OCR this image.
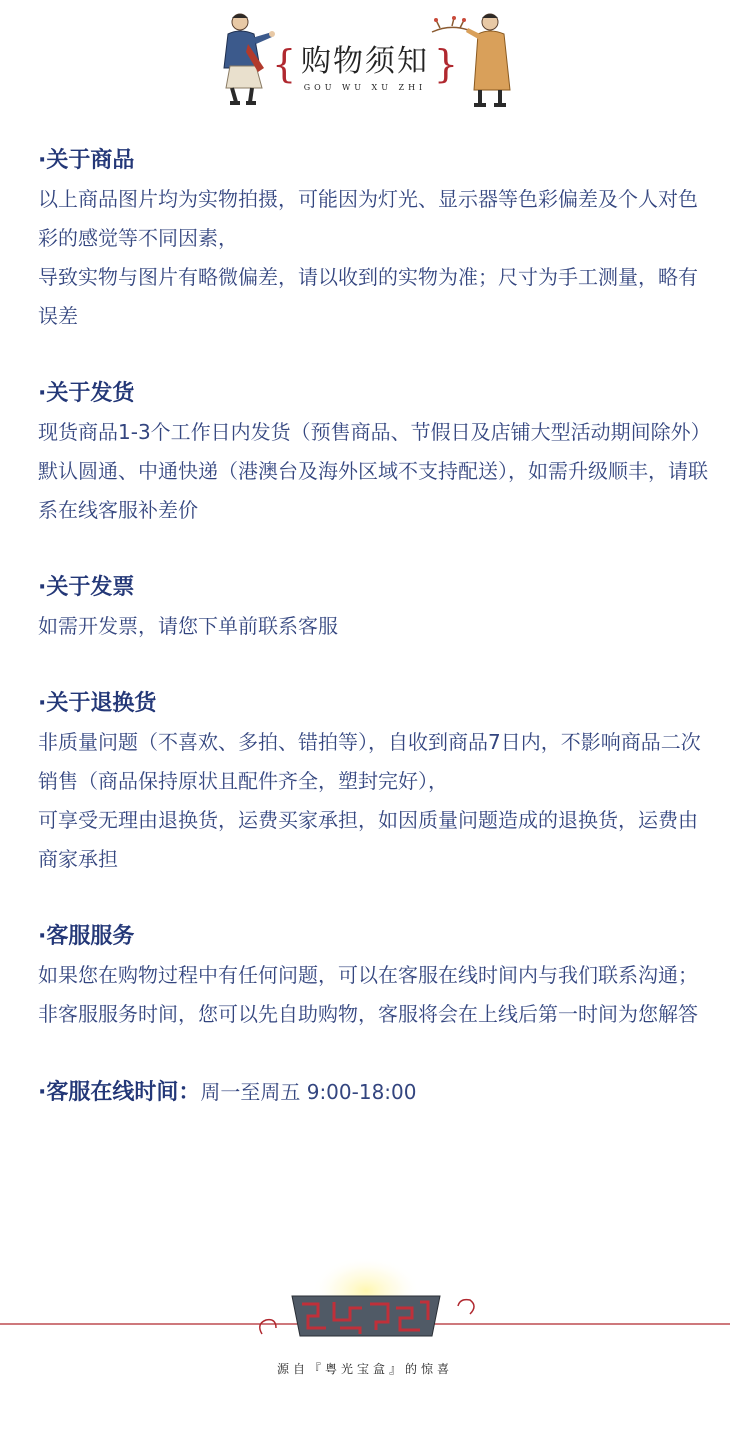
{ 购物须知
GOU WU XU ZHI
}
·关于商品

以上商品图片均为实物拍摄，可能因为灯光、显示器等色彩偏差及个人对色彩的感觉等不同因素，

导致实物与图片有略微偏差，请以收到的实物为准；尺寸为手工测量，略有误差

·关于发货

现货商品1-3个工作日内发货（预售商品、节假日及店铺大型活动期间除外）

默认圆通、中通快递（港澳台及海外区域不支持配送），如需升级顺丰，请联系在线客服补差价

·关于发票

如需开发票，请您下单前联系客服

·关于退换货

非质量问题（不喜欢、多拍、错拍等），自收到商品7日内，不影响商品二次销售（商品保持原状且配件齐全，塑封完好），

可享受无理由退换货，运费买家承担，如因质量问题造成的退换货，运费由商家承担

·客服服务

如果您在购物过程中有任何问题，可以在客服在线时间内与我们联系沟通；

非客服服务时间，您可以先自助购物，客服将会在上线后第一时间为您解答

·客服在线时间：周一至周五 9:00-18:00
源自『粤光宝盒』的惊喜
